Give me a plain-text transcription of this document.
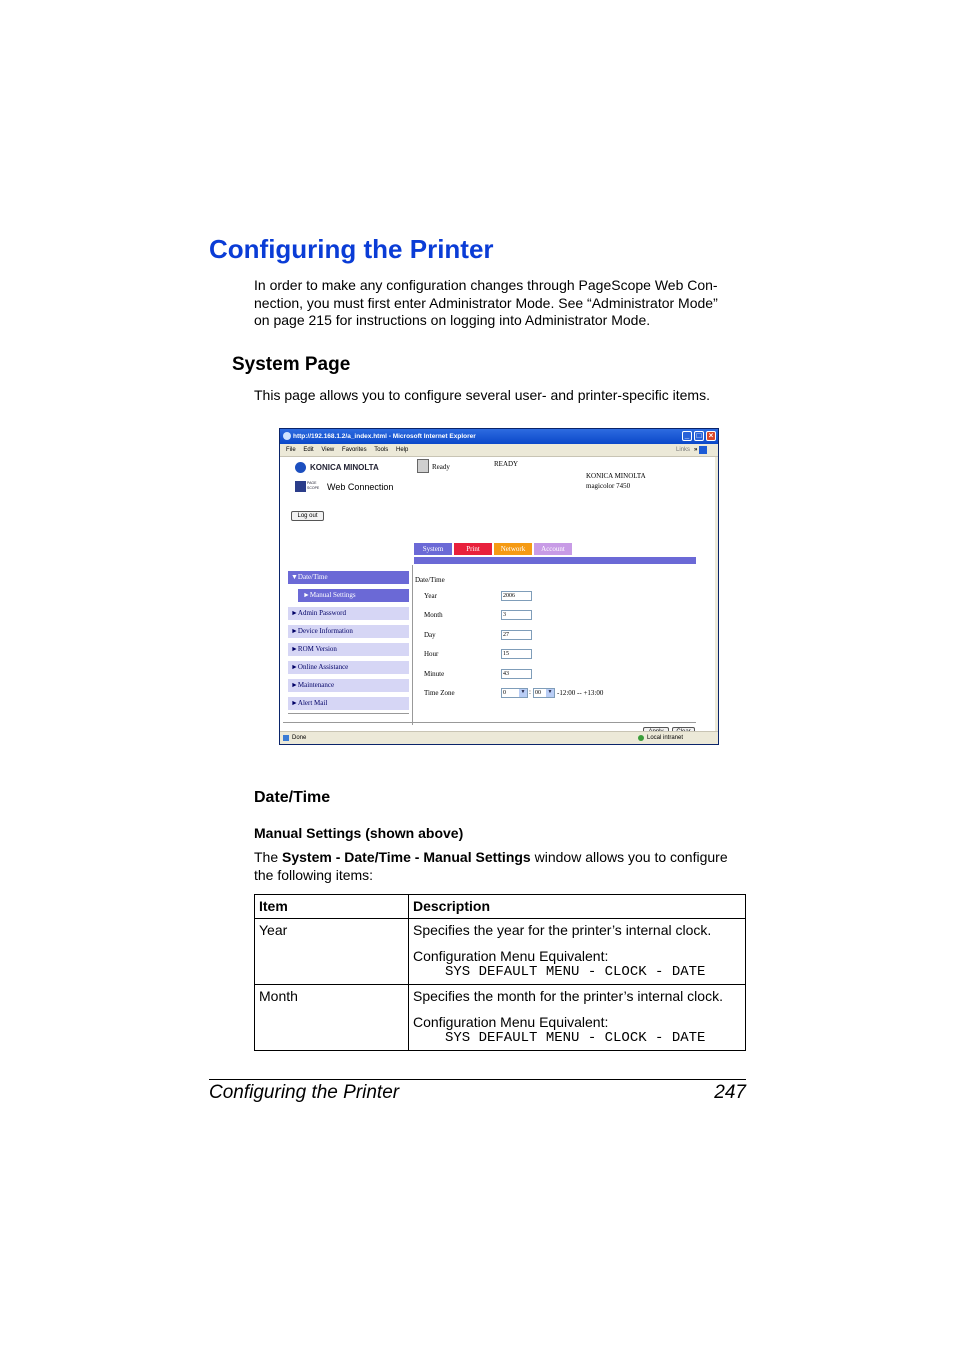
Configuring the Printer
In order to make any configuration changes through PageScope Web Con-
nection, you must first enter Administrator Mode. See “Administrator Mode”
on page 215 for instructions on logging into Administrator Mode.
System Page
This page allows you to configure several user- and printer-specific items.
http://192.168.1.2/a_index.html - Microsoft Internet Explorer	_ □ ×
File Edit View Favorites Tools Help	Links »
KONICA MINOLTA
PAGE SCOPE Web Connection
Ready	READY
KONICA MINOLTA
magicolor 7450
Log out
System	Print	Network	Account
▼Date/Time
►Manual Settings
►Admin Password
►Device Information
►ROM Version
►Online Assistance
►Maintenance
►Alert Mail
Date/Time
Year	2006
Month	3
Day	27
Hour	15
Minute	43
Time Zone	0	▼ : 00	▼ -12:00 -- +13:00
Done	Local intranet
Date/Time
Manual Settings (shown above)
The System - Date/Time - Manual Settings window allows you to configure
the following items:
Item	Description
Year	Specifies the year for the printer’s internal clock.
Configuration Menu Equivalent:
SYS DEFAULT MENU - CLOCK - DATE

Month	Specifies the month for the printer’s internal clock.
Configuration Menu Equivalent:
SYS DEFAULT MENU - CLOCK - DATE
Configuring the Printer	247
